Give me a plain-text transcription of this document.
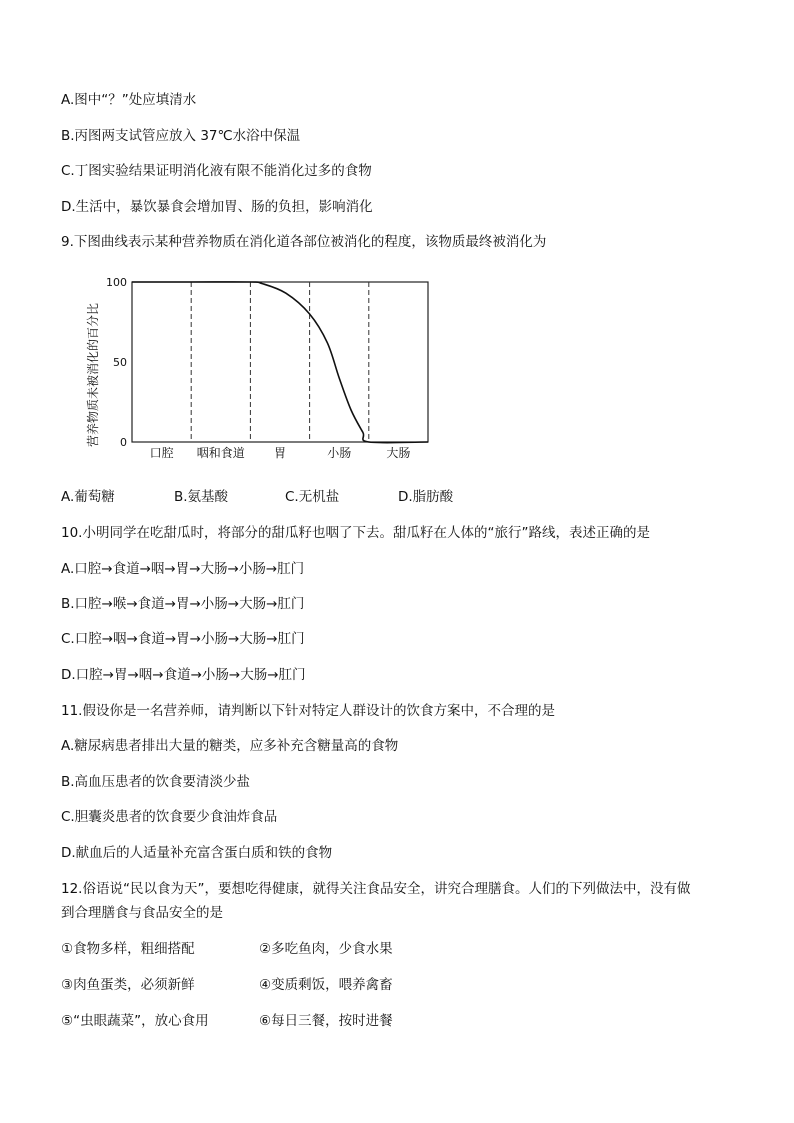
A.图中“？”处应填清水
B.丙图两支试管应放入 37℃水浴中保温
C.丁图实验结果证明消化液有限不能消化过多的食物
D.生活中，暴饮暴食会增加胃、肠的负担，影响消化
9.下图曲线表示某种营养物质在消化道各部位被消化的程度，该物质最终被消化为
营养物质未被消化的百分比 0
50
100
口腔 咽和食道 胃	小肠	大肠
A.葡萄糖	B.氨基酸	C.无机盐	D.脂肪酸
10.小明同学在吃甜瓜时，将部分的甜瓜籽也咽了下去。甜瓜籽在人体的“旅行”路线，表述正确的是
A.口腔→食道→咽→胃→大肠→小肠→肛门
B.口腔→喉→食道→胃→小肠→大肠→肛门
C.口腔→咽→食道→胃→小肠→大肠→肛门
D.口腔→胃→咽→食道→小肠→大肠→肛门
11.假设你是一名营养师，请判断以下针对特定人群设计的饮食方案中，不合理的是
A.糖尿病患者排出大量的糖类，应多补充含糖量高的食物
B.高血压患者的饮食要清淡少盐
C.胆囊炎患者的饮食要少食油炸食品
D.献血后的人适量补充富含蛋白质和铁的食物
12.俗语说“民以食为天”，要想吃得健康，就得关注食品安全，讲究合理膳食。人们的下列做法中，没有做
到合理膳食与食品安全的是
①食物多样，粗细搭配	②多吃鱼肉，少食水果
③肉鱼蛋类，必须新鲜	④变质剩饭，喂养禽畜
⑤“虫眼蔬菜”，放心食用	⑥每日三餐，按时进餐
